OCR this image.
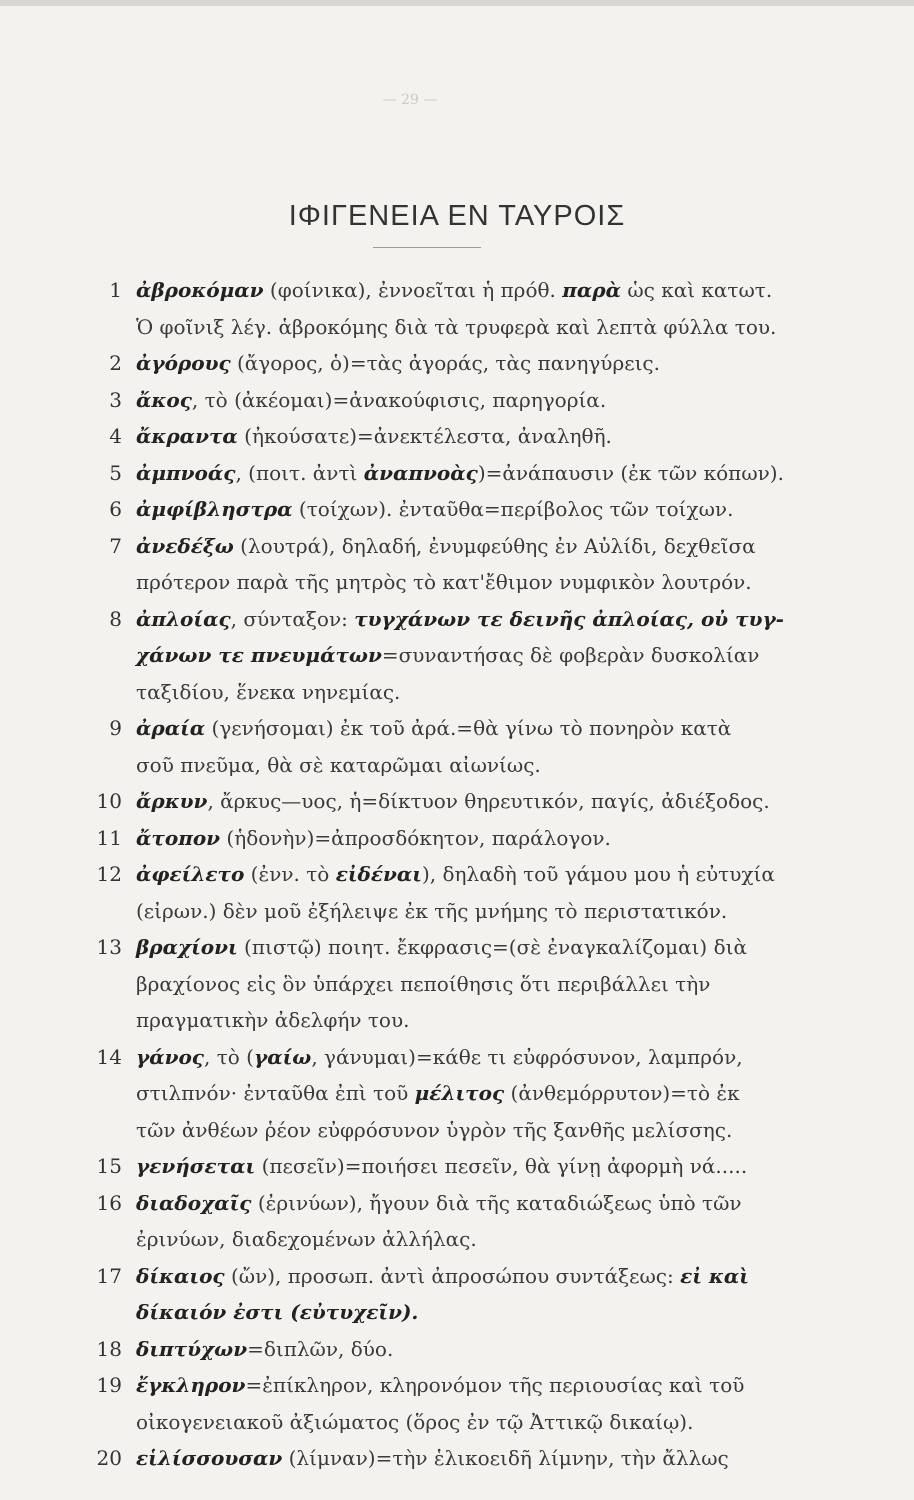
— 29 —
ΙΦΙΓΕΝΕΙΑ ΕΝ ΤΑΥΡΟΙΣ
1 ἀβροκόμαν (φοίνικα), ἐννοεῖται ἡ πρόθ. παρὰ ὡς καὶ κατωτ.
Ὁ φοῖνιξ λέγ. ἁβροκόμης διὰ τὰ τρυφερὰ καὶ λεπτὰ φύλλα του.
2 ἀγόρους (ἄγορος, ὁ)=τὰς ἀγοράς, τὰς πανηγύρεις.
3 ἄκος, τὸ (ἀκέομαι)=ἀνακούφισις, παρηγορία.
4 ἄκραντα (ἠκούσατε)=ἀνεκτέλεστα, ἀναληθῆ.
5 ἀμπνοάς, (ποιτ. ἀντὶ ἀναπνοὰς)=ἀνάπαυσιν (ἐκ τῶν κόπων).
6 ἀμφίβληστρα (τοίχων). ἐνταῦθα=περίβολος τῶν τοίχων.
7 ἀνεδέξω (λουτρά), δηλαδή, ἐνυμφεύθης ἐν Αὐλίδι, δεχθεῖσα
πρότερον παρὰ τῆς μητρὸς τὸ κατ'ἔθιμον νυμφικὸν λουτρόν.
8 ἀπλοίας, σύνταξον: τυγχάνων τε δεινῆς ἀπλοίας, οὐ τυγ-
χάνων τε πνευμάτων=συναντήσας δὲ φοβερὰν δυσκολίαν
ταξιδίου, ἕνεκα νηνεμίας.
9 ἀραία (γενήσομαι) ἐκ τοῦ ἀρά.=θὰ γίνω τὸ πονηρὸν κατὰ
σοῦ πνεῦμα, θὰ σὲ καταρῶμαι αἰωνίως.
10 ἄρκυν, ἄρκυς—υος, ἡ=δίκτυον θηρευτικόν, παγίς, ἀδιέξοδος.
11 ἄτοπον (ἡδονὴν)=ἀπροσδόκητον, παράλογον.
12 ἀφείλετο (ἐνν. τὸ εἰδέναι), δηλαδὴ τοῦ γάμου μου ἡ εὐτυχία
(εἰρων.) δὲν μοῦ ἐξήλειψε ἐκ τῆς μνήμης τὸ περιστατικόν.
13 βραχίονι (πιστῷ) ποιητ. ἔκφρασις=(σὲ ἐναγκαλίζομαι) διὰ
βραχίονος εἰς ὃν ὑπάρχει πεποίθησις ὅτι περιβάλλει τὴν
πραγματικὴν ἀδελφήν του.
14 γάνος, τὸ (γαίω, γάνυμαι)=κάθε τι εὐφρόσυνον, λαμπρόν,
στιλπνόν· ἐνταῦθα ἐπὶ τοῦ μέλιτος (ἀνθεμόρρυτον)=τὸ ἐκ
τῶν ἀνθέων ῥέον εὐφρόσυνον ὑγρὸν τῆς ξανθῆς μελίσσης.
15 γενήσεται (πεσεῖν)=ποιήσει πεσεῖν, θὰ γίνῃ ἀφορμὴ νά.....
16 διαδοχαῖς (ἐρινύων), ἤγουν διὰ τῆς καταδιώξεως ὑπὸ τῶν
ἐρινύων, διαδεχομένων ἀλλήλας.
17 δίκαιος (ὤν), προσωπ. ἀντὶ ἀπροσώπου συντάξεως: εἰ καὶ
δίκαιόν ἐστι (εὐτυχεῖν).
18 διπτύχων=διπλῶν, δύο.
19 ἔγκληρον=ἐπίκληρον, κληρονόμον τῆς περιουσίας καὶ τοῦ
οἰκογενειακοῦ ἀξιώματος (ὅρος ἐν τῷ Ἀττικῷ δικαίῳ).
20 εἱλίσσουσαν (λίμναν)=τὴν ἑλικοειδῆ λίμνην, τὴν ἄλλως
